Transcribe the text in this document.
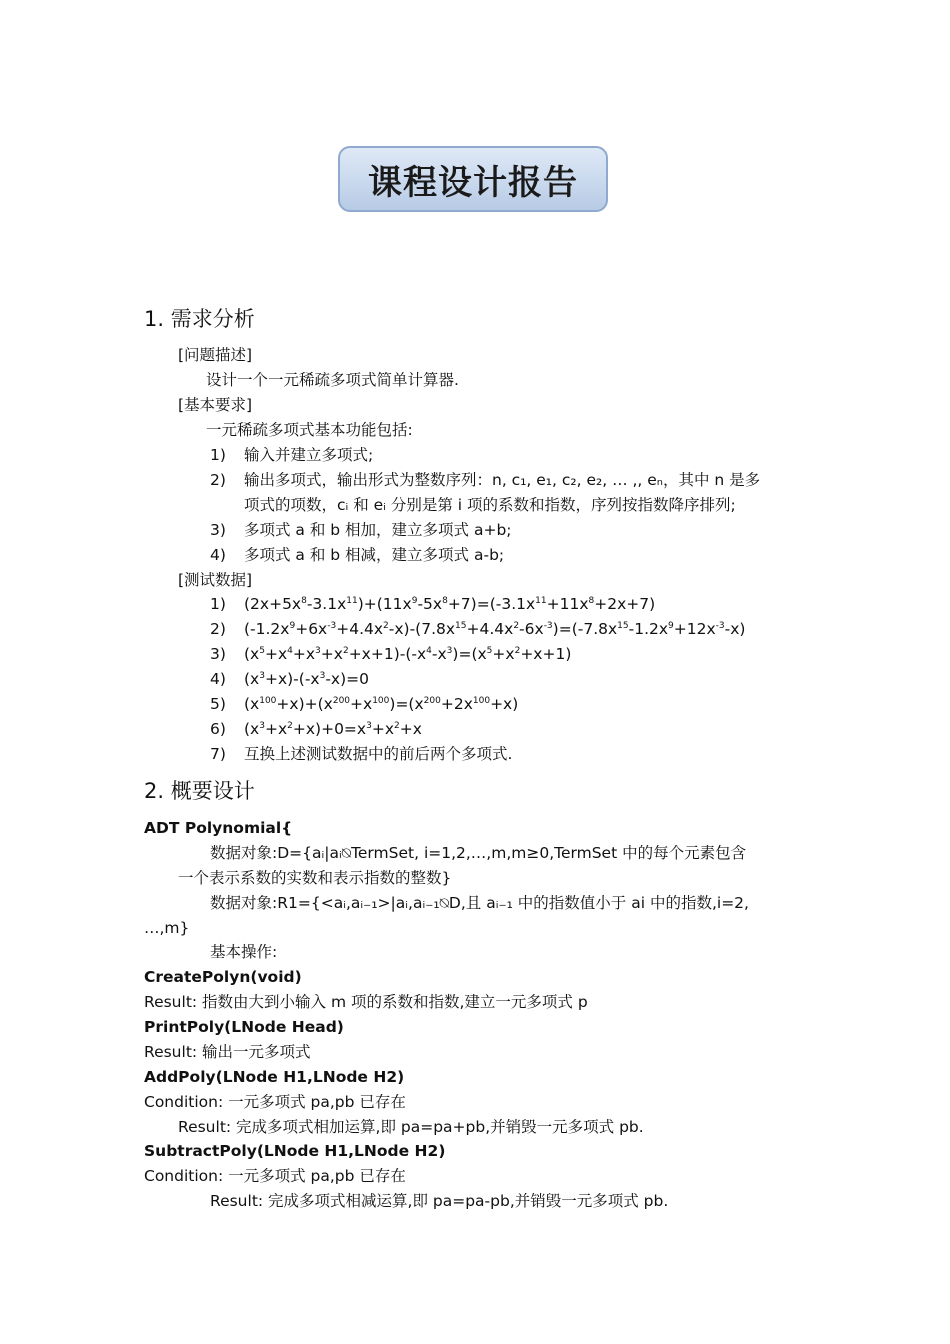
课程设计报告
1. 需求分析
[问题描述]
设计一个一元稀疏多项式简单计算器.
[基本要求]
一元稀疏多项式基本功能包括:
1) 输入并建立多项式;
2) 输出多项式，输出形式为整数序列：n, c₁, e₁, c₂, e₂, … ,, eₙ，其中 n 是多
项式的项数，cᵢ 和 eᵢ 分别是第 i 项的系数和指数，序列按指数降序排列;
3) 多项式 a 和 b 相加，建立多项式 a+b;
4) 多项式 a 和 b 相减，建立多项式 a-b;
[测试数据]
1) $(2x+5x^8-3.1x^{11})+(11x^9-5x^8+7)=(-3.1x^{11}+11x^8+2x+7)$
2) $(-1.2x^9+6x^{-3}+4.4x^2-x)-(7.8x^{15}+4.4x^2-6x^{-3})=(-7.8x^{15}-1.2x^9+12x^{-3}-x)$
3) $(x^5+x^4+x^3+x^2+x+1)-(-x^4-x^3)=(x^5+x^2+x+1)$
4) $(x^3+x)-(-x^3-x)=0$
5) $(x^{100}+x)+(x^{200}+x^{100})=(x^{200}+2x^{100}+x)$
6) $(x^3+x^2+x)+0=x^3+x^2+x$
7) 互换上述测试数据中的前后两个多项式.
2. 概要设计
ADT Polynomial{
数据对象:D={aᵢ|aᵢ⍉TermSet, i=1,2,…,m,m≥0,TermSet 中的每个元素包含
一个表示系数的实数和表示指数的整数}
数据对象:R1={<aᵢ,aᵢ₋₁>|aᵢ,aᵢ₋₁⍉D,且 aᵢ₋₁ 中的指数值小于 ai 中的指数,i=2,
…,m}
基本操作:
CreatePolyn(void)
Result: 指数由大到小输入 m 项的系数和指数,建立一元多项式 p
PrintPoly(LNode Head)
Result: 输出一元多项式
AddPoly(LNode H1,LNode H2)
Condition: 一元多项式 pa,pb 已存在
Result: 完成多项式相加运算,即 pa=pa+pb,并销毁一元多项式 pb.
SubtractPoly(LNode H1,LNode H2)
Condition: 一元多项式 pa,pb 已存在
Result: 完成多项式相减运算,即 pa=pa-pb,并销毁一元多项式 pb.
